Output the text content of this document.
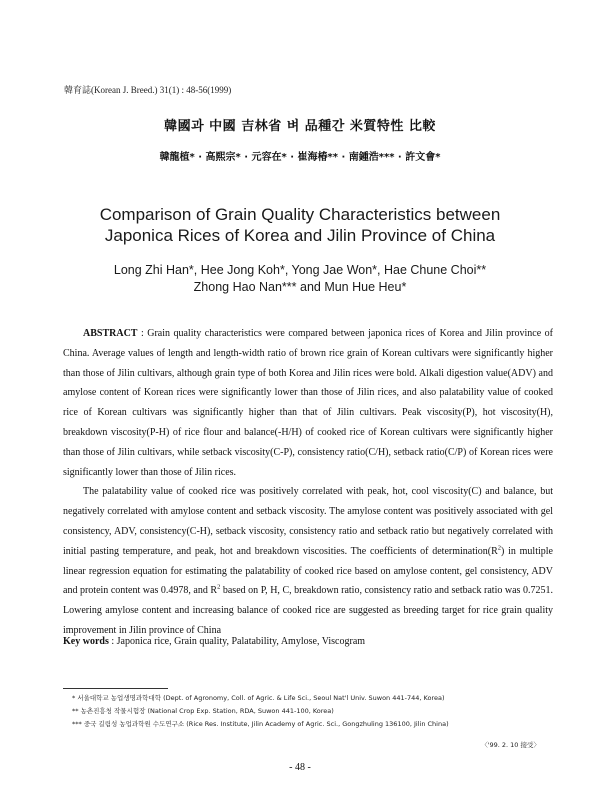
韓育誌(Korean J. Breed.) 31(1) : 48-56(1999)
韓國과 中國 吉林省 벼 品種간 米質特性 比較
韓龍植* · 高熙宗* · 元容在* · 崔海椿** · 南鍾浩*** · 許文會*
Comparison of Grain Quality Characteristics between
Japonica Rices of Korea and Jilin Province of China
Long Zhi Han*, Hee Jong Koh*, Yong Jae Won*, Hae Chune Choi**
Zhong Hao Nan*** and Mun Hue Heu*

ABSTRACT : Grain quality characteristics were compared between japonica rices of Korea and Jilin province of China. Average values of length and length-width ratio of brown rice grain of Korean cultivars were significantly higher than those of Jilin cultivars, although grain type of both Korea and Jilin rices were bold. Alkali digestion value(ADV) and amylose content of Korean rices were significantly lower than those of Jilin rices, and also palatability value of cooked rice of Korean cultivars was significantly higher than that of Jilin cultivars. Peak viscosity(P), hot viscosity(H), breakdown viscosity(P-H) of rice flour and balance(-H/H) of cooked rice of Korean cultivars were significantly higher than those of Jilin cultivars, while setback viscosity(C-P), consistency ratio(C/H), setback ratio(C/P) of Korean rices were significantly lower than those of Jilin rices.

The palatability value of cooked rice was positively correlated with peak, hot, cool viscosity(C) and balance, but negatively correlated with amylose content and setback viscosity. The amylose content was positively associated with gel consistency, ADV, consistency(C-H), setback viscosity, consistency ratio and setback ratio but negatively correlated with initial pasting temperature, and peak, hot and breakdown viscosities. The coefficients of $determination(R^2)$ in multiple linear regression equation for estimating the palatability of cooked rice based on amylose content, gel consistency, ADV and protein content was 0.4978, and $R^2$ based on P, H, C, breakdown ratio, consistency ratio and setback ratio was 0.7251. Lowering amylose content and increasing balance of cooked rice are suggested as breeding target for rice grain quality improvement in Jilin province of China

Key words : Japonica rice, Grain quality, Palatability, Amylose, Viscogram
* 서울대학교 농업생명과학대학 (Dept. of Agronomy, Coll. of Agric. & Life Sci., Seoul Nat'l Univ. Suwon 441-744, Korea)
** 농촌진흥청 작물시험장 (National Crop Exp. Station, RDA, Suwon 441-100, Korea)
*** 중국 길림성 농업과학원 수도연구소 (Rice Res. Institute, Jilin Academy of Agric. Sci., Gongzhuling 136100, Jilin China)
〈'99. 2. 10 接受〉
- 48 -
